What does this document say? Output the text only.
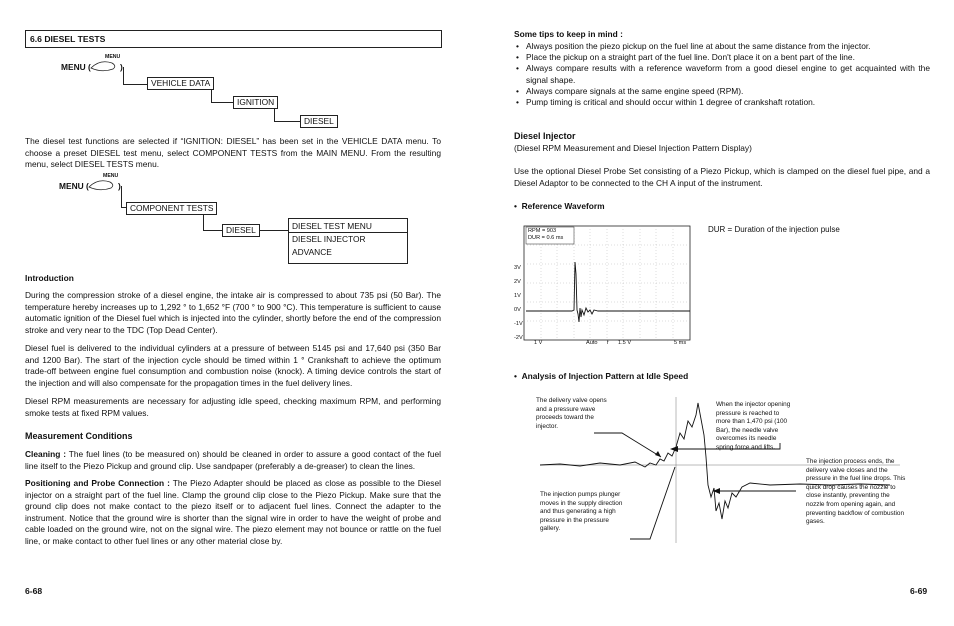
6.6 DIESEL TESTS
MENU (
MENU
)
VEHICLE DATA
IGNITION
DIESEL
The diesel test functions are selected if “IGNITION: DIESEL” has been set in the VEHICLE DATA menu. To choose a preset DIESEL test menu, select COMPONENT TESTS from the MAIN MENU. From the resulting menu, select DIESEL TESTS menu.
MENU (
MENU
)
COMPONENT TESTS
DIESEL	DIESEL TEST MENU
DIESEL INJECTOR
ADVANCE
Introduction
During the compression stroke of a diesel engine, the intake air is compressed to about 735 psi (50 Bar). The temperature hereby increases up to 1,292 ° to 1,652 °F (700 ° to 900 °C). This temperature is sufficient to cause automatic ignition of the Diesel fuel which is injected into the cylinder, shortly before the end of the compression stroke and very near to the TDC (Top Dead Center).
Diesel fuel is delivered to the individual cylinders at a pressure of between 5145 psi and 17,640 psi (350 Bar and 1200 Bar). The start of the injection cycle should be timed within 1 ° Crankshaft to achieve the optimum trade-off between engine fuel consumption and combustion noise (knock). A timing device controls the start of the injection and will also compensate for the propagation times in the fuel delivery lines.
Diesel RPM measurements are necessary for adjusting idle speed, checking maximum RPM, and performing smoke tests at fixed RPM values.
Measurement Conditions
Cleaning : The fuel lines (to be measured on) should be cleaned in order to assure a good contact of the fuel line itself to the Piezo Pickup and ground clip. Use sandpaper (preferably a de-greaser) to clean the lines.
Positioning and Probe Connection : The Piezo Adapter should be placed as close as possible to the Diesel injector on a straight part of the fuel line. Clamp the ground clip close to the Piezo Pickup. Make sure that the ground clip does not make contact to the piezo itself or to adjacent fuel lines. Connect the adapter to the instrument. Notice that the ground wire is shorter than the signal wire in order to have the weight of probe and cable loaded on the ground wire, not on the signal wire. The piezo element may not bounce or rattle on the fuel line, or make contact to other fuel lines or any other material close by.
6-68
Some tips to keep in mind :
• Always position the piezo pickup on the fuel line at about the same distance from the injector.
• Place the pickup on a straight part of the fuel line. Don't place it on a bent part of the line.
• Always compare results with a reference waveform from a good diesel engine to get acquainted with the signal shape.
• Always compare signals at the same engine speed (RPM).
• Pump timing is critical and should occur within 1 degree of crankshaft rotation.
Diesel Injector
(Diesel RPM Measurement and Diesel Injection Pattern Display)
Use the optional Diesel Probe Set consisting of a Piezo Pickup, which is clamped on the diesel fuel pipe, and a Diesel Adaptor to be connected to the CH A input of the instrument.
•  Reference Waveform
RPM = 903
DUR = 0.6 ms
3V
2V
1V
0V
-1V
-2V
1 V	Auto f 1.5 V	5 ms
DUR = Duration of the injection pulse
•  Analysis of Injection Pattern at Idle Speed
The delivery valve opens and a pressure wave proceeds toward the injector.
When the injector opening pressure is reached to more than 1,470 psi (100 Bar), the needle valve overcomes its needle spring force and lifts.
The injection pumps plunger moves in the supply direction and thus generating a high pressure in the pressure gallery.
The injection process ends, the delivery valve closes and the pressure in the fuel line drops. This quick drop causes the nozzle to close instantly, preventing the nozzle from opening again, and preventing backflow of combustion gases.
6-69
